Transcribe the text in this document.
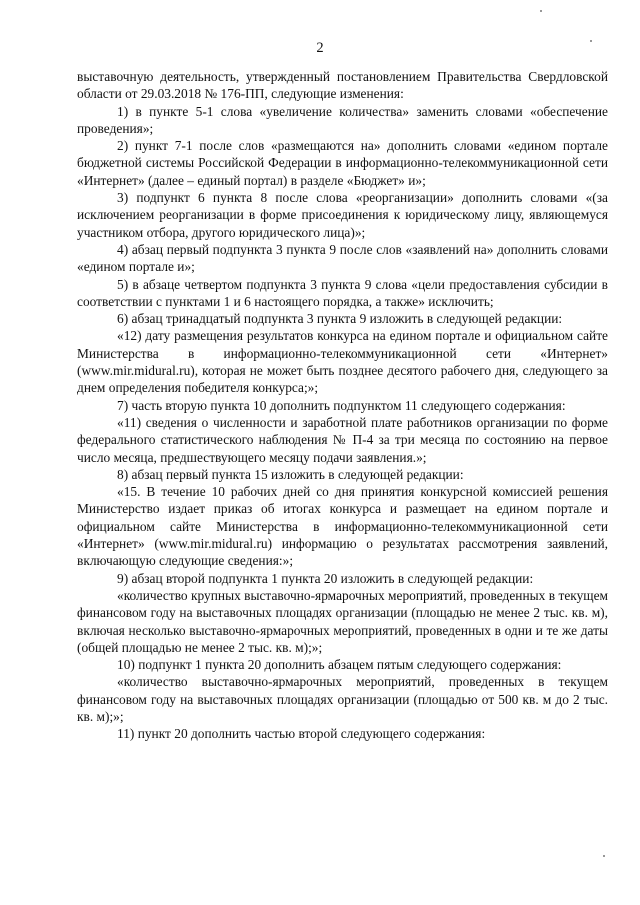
2

выставочную деятельность, утвержденный постановлением Правительства Свердловской области от 29.03.2018 № 176-ПП, следующие изменения:

1) в пункте 5-1 слова «увеличение количества» заменить словами «обеспечение проведения»;

2) пункт 7-1 после слов «размещаются на» дополнить словами «едином портале бюджетной системы Российской Федерации в информационно-телекоммуникационной сети «Интернет» (далее – единый портал) в разделе «Бюджет» и»;

3) подпункт 6 пункта 8 после слова «реорганизации» дополнить словами «(за исключением реорганизации в форме присоединения к юридическому лицу, являющемуся участником отбора, другого юридического лица)»;

4) абзац первый подпункта 3 пункта 9 после слов «заявлений на» дополнить словами «едином портале и»;

5) в абзаце четвертом подпункта 3 пункта 9 слова «цели предоставления субсидии в соответствии с пунктами 1 и 6 настоящего порядка, а также» исключить;

6) абзац тринадцатый подпункта 3 пункта 9 изложить в следующей редакции:

«12) дату размещения результатов конкурса на едином портале и официальном сайте Министерства в информационно-телекоммуникационной сети «Интернет» (www.mir.midural.ru), которая не может быть позднее десятого рабочего дня, следующего за днем определения победителя конкурса;»;

7) часть вторую пункта 10 дополнить подпунктом 11 следующего содержания:

«11) сведения о численности и заработной плате работников организации по форме федерального статистического наблюдения № П-4 за три месяца по состоянию на первое число месяца, предшествующего месяцу подачи заявления.»;

8) абзац первый пункта 15 изложить в следующей редакции:

«15. В течение 10 рабочих дней со дня принятия конкурсной комиссией решения Министерство издает приказ об итогах конкурса и размещает на едином портале и официальном сайте Министерства в информационно-телекоммуникационной сети «Интернет» (www.mir.midural.ru) информацию о результатах рассмотрения заявлений, включающую следующие сведения:»;

9) абзац второй подпункта 1 пункта 20 изложить в следующей редакции:

«количество крупных выставочно-ярмарочных мероприятий, проведенных в текущем финансовом году на выставочных площадях организации (площадью не менее 2 тыс. кв. м), включая несколько выставочно-ярмарочных мероприятий, проведенных в одни и те же даты (общей площадью не менее 2 тыс. кв. м);»;

10) подпункт 1 пункта 20 дополнить абзацем пятым следующего содержания:

«количество выставочно-ярмарочных мероприятий, проведенных в текущем финансовом году на выставочных площадях организации (площадью от 500 кв. м до 2 тыс. кв. м);»;

11) пункт 20 дополнить частью второй следующего содержания:
